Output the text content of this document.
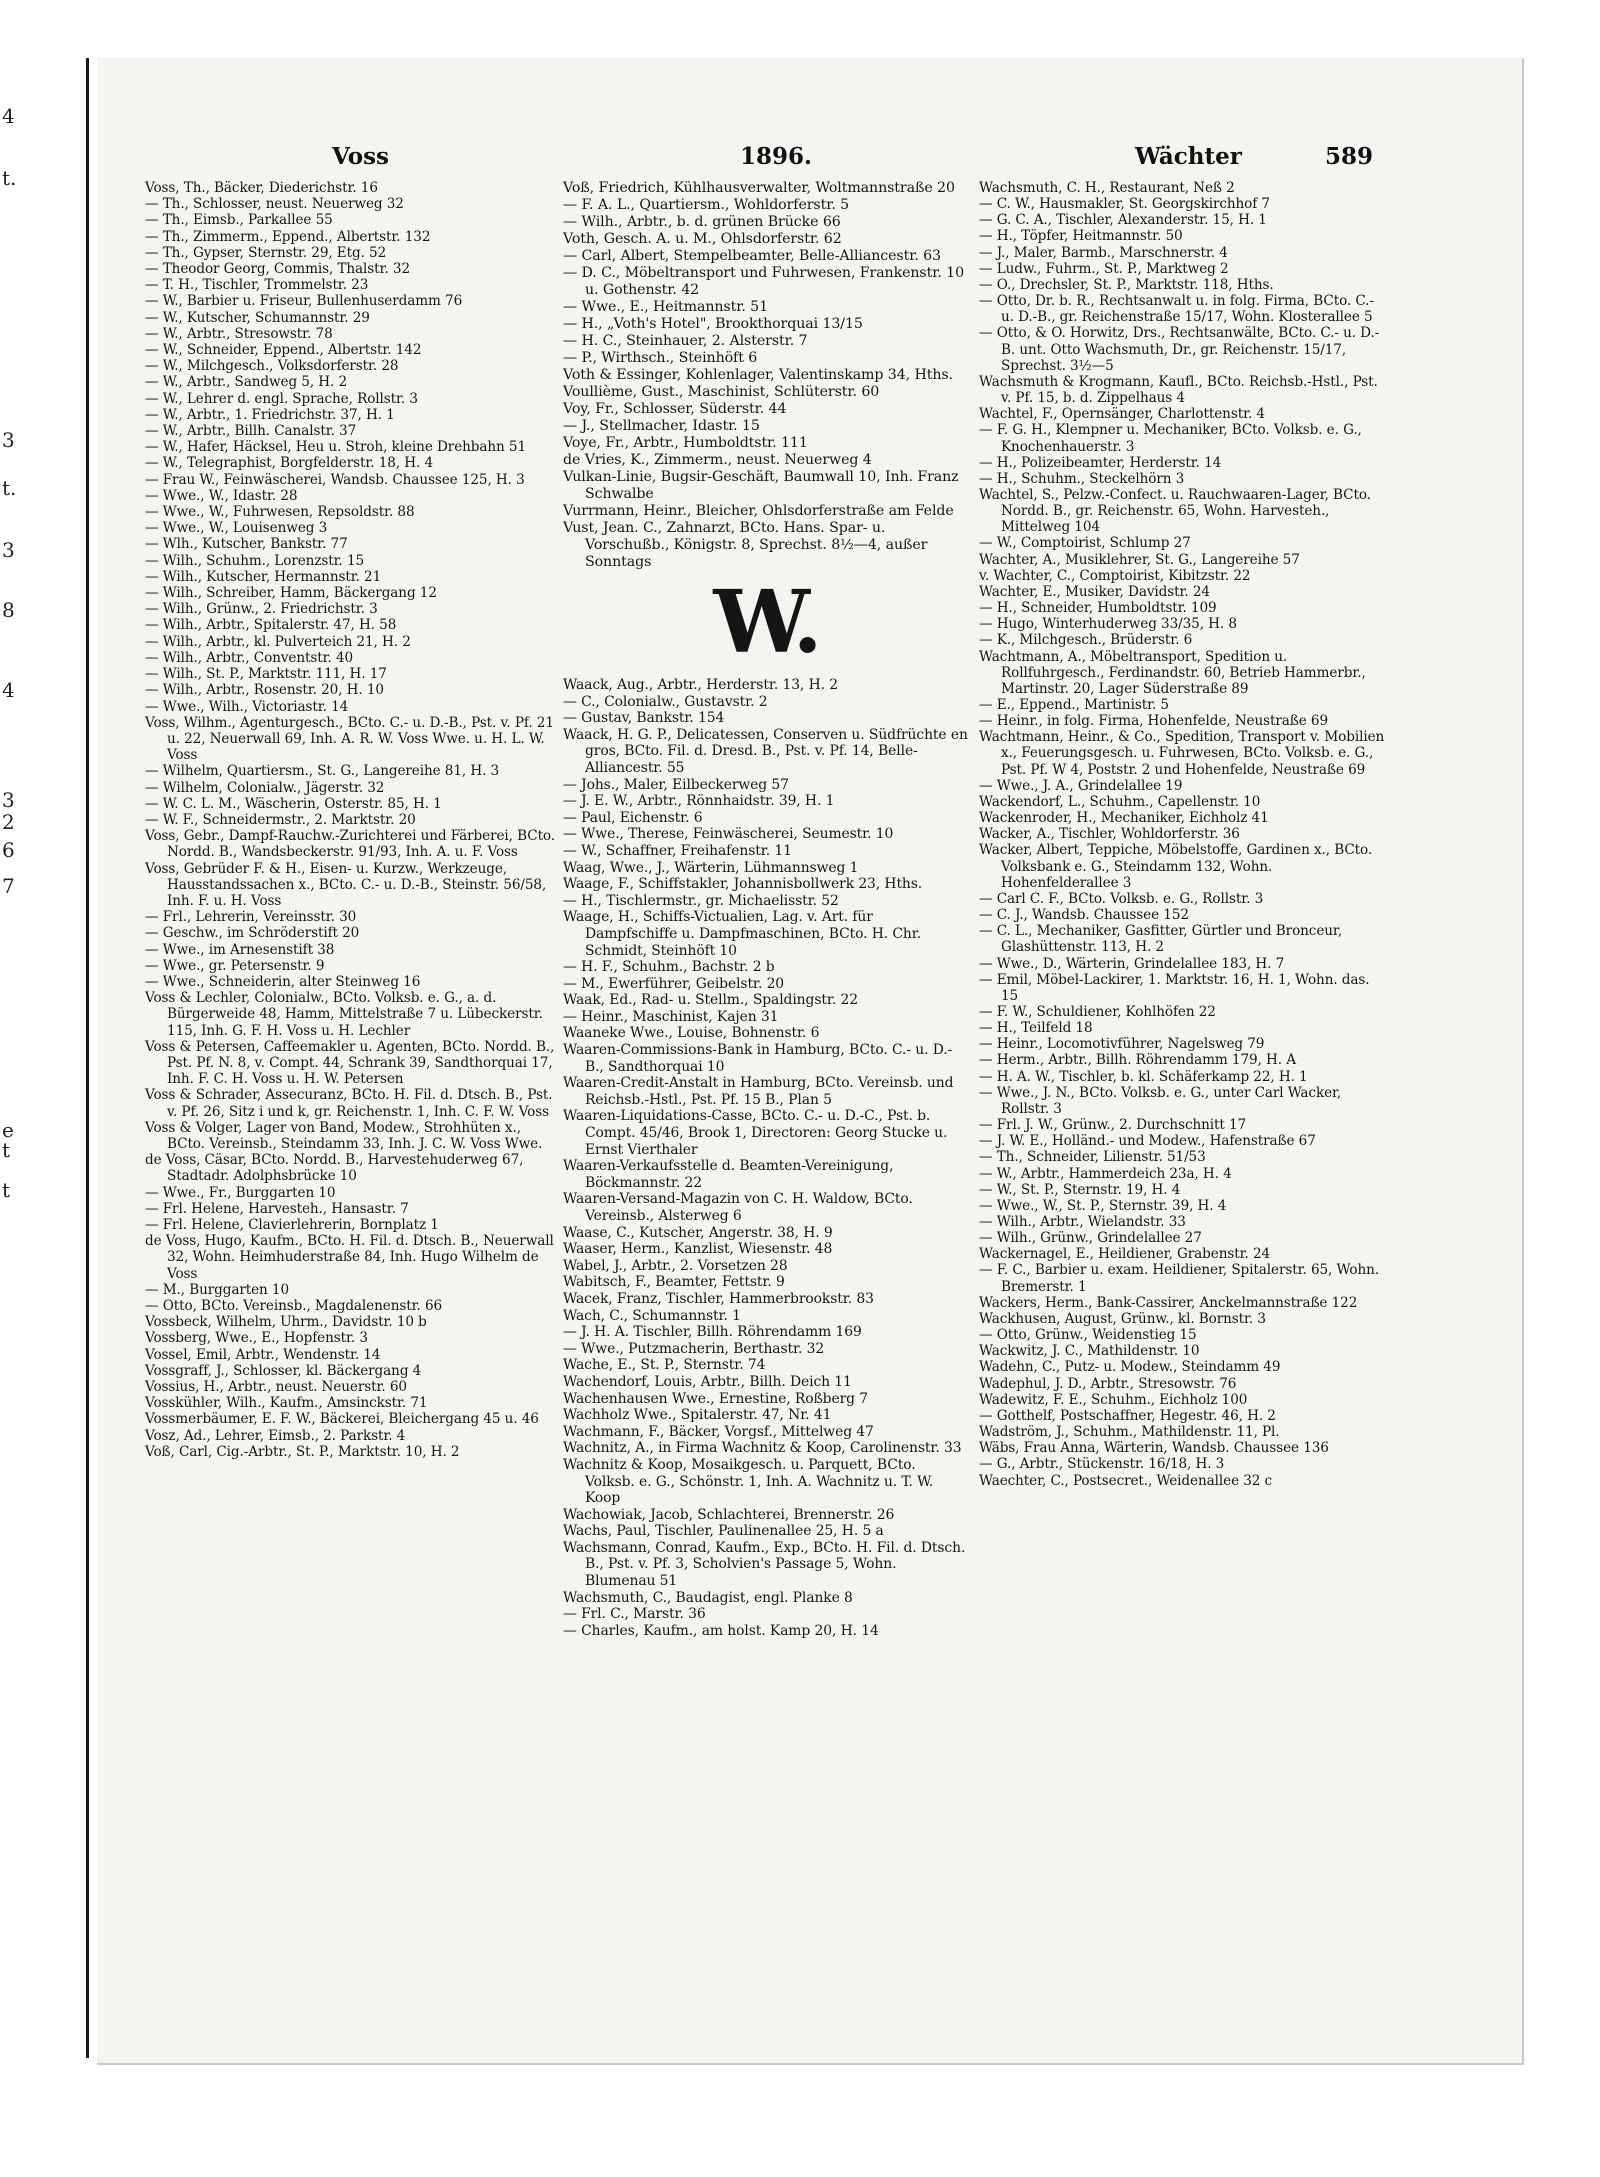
4
t.
3
t.
3
8
4
3
2
6
7
e
t
t
Voss	1896.	Wächter	589
Voss, Th., Bäcker, Diederichstr. 16
— Th., Schlosser, neust. Neuerweg 32
— Th., Eimsb., Parkallee 55
— Th., Zimmerm., Eppend., Albertstr. 132
— Th., Gypser, Sternstr. 29, Etg. 52
— Theodor Georg, Commis, Thalstr. 32
— T. H., Tischler, Trommelstr. 23
— W., Barbier u. Friseur, Bullenhuserdamm 76
— W., Kutscher, Schumannstr. 29
— W., Arbtr., Stresowstr. 78
— W., Schneider, Eppend., Albertstr. 142
— W., Milchgesch., Volksdorferstr. 28
— W., Arbtr., Sandweg 5, H. 2
— W., Lehrer d. engl. Sprache, Rollstr. 3
— W., Arbtr., 1. Friedrichstr. 37, H. 1
— W., Arbtr., Billh. Canalstr. 37
— W., Hafer, Häcksel, Heu u. Stroh, kleine Drehbahn 51
— W., Telegraphist, Borgfelderstr. 18, H. 4
— Frau W., Feinwäscherei, Wandsb. Chaussee 125, H. 3
— Wwe., W., Idastr. 28
— Wwe., W., Fuhrwesen, Repsoldstr. 88
— Wwe., W., Louisenweg 3
— Wlh., Kutscher, Bankstr. 77
— Wilh., Schuhm., Lorenzstr. 15
— Wilh., Kutscher, Hermannstr. 21
— Wilh., Schreiber, Hamm, Bäckergang 12
— Wilh., Grünw., 2. Friedrichstr. 3
— Wilh., Arbtr., Spitalerstr. 47, H. 58
— Wilh., Arbtr., kl. Pulverteich 21, H. 2
— Wilh., Arbtr., Conventstr. 40
— Wilh., St. P., Marktstr. 111, H. 17
— Wilh., Arbtr., Rosenstr. 20, H. 10
— Wwe., Wilh., Victoriastr. 14
Voss, Wilhm., Agenturgesch., BCto. C.- u. D.-B., Pst. v. Pf. 21 u. 22, Neuerwall 69, Inh. A. R. W. Voss Wwe. u. H. L. W. Voss
— Wilhelm, Quartiersm., St. G., Langereihe 81, H. 3
— Wilhelm, Colonialw., Jägerstr. 32
— W. C. L. M., Wäscherin, Osterstr. 85, H. 1
— W. F., Schneidermstr., 2. Marktstr. 20
Voss, Gebr., Dampf-Rauchw.-Zurichterei und Färberei, BCto. Nordd. B., Wandsbeckerstr. 91/93, Inh. A. u. F. Voss
Voss, Gebrüder F. & H., Eisen- u. Kurzw., Werkzeuge, Hausstandssachen x., BCto. C.- u. D.-B., Steinstr. 56/58, Inh. F. u. H. Voss
— Frl., Lehrerin, Vereinsstr. 30
— Geschw., im Schröderstift 20
— Wwe., im Arnesenstift 38
— Wwe., gr. Petersenstr. 9
— Wwe., Schneiderin, alter Steinweg 16
Voss & Lechler, Colonialw., BCto. Volksb. e. G., a. d. Bürgerweide 48, Hamm, Mittelstraße 7 u. Lübeckerstr. 115, Inh. G. F. H. Voss u. H. Lechler
Voss & Petersen, Caffeemakler u. Agenten, BCto. Nordd. B., Pst. Pf. N. 8, v. Compt. 44, Schrank 39, Sandthorquai 17, Inh. F. C. H. Voss u. H. W. Petersen
Voss & Schrader, Assecuranz, BCto. H. Fil. d. Dtsch. B., Pst. v. Pf. 26, Sitz i und k, gr. Reichenstr. 1, Inh. C. F. W. Voss
Voss & Volger, Lager von Band, Modew., Strohhüten x., BCto. Vereinsb., Steindamm 33, Inh. J. C. W. Voss Wwe.
de Voss, Cäsar, BCto. Nordd. B., Harvestehuderweg 67, Stadtadr. Adolphsbrücke 10
— Wwe., Fr., Burggarten 10
— Frl. Helene, Harvesteh., Hansastr. 7
— Frl. Helene, Clavierlehrerin, Bornplatz 1
de Voss, Hugo, Kaufm., BCto. H. Fil. d. Dtsch. B., Neuerwall 32, Wohn. Heimhuderstraße 84, Inh. Hugo Wilhelm de Voss
— M., Burggarten 10
— Otto, BCto. Vereinsb., Magdalenenstr. 66
Vossbeck, Wilhelm, Uhrm., Davidstr. 10 b
Vossberg, Wwe., E., Hopfenstr. 3
Vossel, Emil, Arbtr., Wendenstr. 14
Vossgraff, J., Schlosser, kl. Bäckergang 4
Vossius, H., Arbtr., neust. Neuerstr. 60
Vosskühler, Wilh., Kaufm., Amsinckstr. 71
Vossmerbäumer, E. F. W., Bäckerei, Bleichergang 45 u. 46
Vosz, Ad., Lehrer, Eimsb., 2. Parkstr. 4
Voß, Carl, Cig.-Arbtr., St. P., Marktstr. 10, H. 2
Voß, Friedrich, Kühlhausverwalter, Woltmannstraße 20
— F. A. L., Quartiersm., Wohldorferstr. 5
— Wilh., Arbtr., b. d. grünen Brücke 66
Voth, Gesch. A. u. M., Ohlsdorferstr. 62
— Carl, Albert, Stempelbeamter, Belle-Alliancestr. 63
— D. C., Möbeltransport und Fuhrwesen, Frankenstr. 10 u. Gothenstr. 42
— Wwe., E., Heitmannstr. 51
— H., „Voth's Hotel", Brookthorquai 13/15
— H. C., Steinhauer, 2. Alsterstr. 7
— P., Wirthsch., Steinhöft 6
Voth & Essinger, Kohlenlager, Valentinskamp 34, Hths.
Voullième, Gust., Maschinist, Schlüterstr. 60
Voy, Fr., Schlosser, Süderstr. 44
— J., Stellmacher, Idastr. 15
Voye, Fr., Arbtr., Humboldtstr. 111
de Vries, K., Zimmerm., neust. Neuerweg 4
Vulkan-Linie, Bugsir-Geschäft, Baumwall 10, Inh. Franz Schwalbe
Vurrmann, Heinr., Bleicher, Ohlsdorferstraße am Felde
Vust, Jean. C., Zahnarzt, BCto. Hans. Spar- u. Vorschußb., Königstr. 8, Sprechst. 8½—4, außer Sonntags
W.
Waack, Aug., Arbtr., Herderstr. 13, H. 2
— C., Colonialw., Gustavstr. 2
— Gustav, Bankstr. 154
Waack, H. G. P., Delicatessen, Conserven u. Südfrüchte en gros, BCto. Fil. d. Dresd. B., Pst. v. Pf. 14, Belle-Alliancestr. 55
— Johs., Maler, Eilbeckerweg 57
— J. E. W., Arbtr., Rönnhaidstr. 39, H. 1
— Paul, Eichenstr. 6
— Wwe., Therese, Feinwäscherei, Seumestr. 10
— W., Schaffner, Freihafenstr. 11
Waag, Wwe., J., Wärterin, Lühmannsweg 1
Waage, F., Schiffstakler, Johannisbollwerk 23, Hths.
— H., Tischlermstr., gr. Michaelisstr. 52
Waage, H., Schiffs-Victualien, Lag. v. Art. für Dampfschiffe u. Dampfmaschinen, BCto. H. Chr. Schmidt, Steinhöft 10
— H. F., Schuhm., Bachstr. 2 b
— M., Ewerführer, Geibelstr. 20
Waak, Ed., Rad- u. Stellm., Spaldingstr. 22
— Heinr., Maschinist, Kajen 31
Waaneke Wwe., Louise, Bohnenstr. 6
Waaren-Commissions-Bank in Hamburg, BCto. C.- u. D.-B., Sandthorquai 10
Waaren-Credit-Anstalt in Hamburg, BCto. Vereinsb. und Reichsb.-Hstl., Pst. Pf. 15 B., Plan 5
Waaren-Liquidations-Casse, BCto. C.- u. D.-C., Pst. b. Compt. 45/46, Brook 1, Directoren: Georg Stucke u. Ernst Vierthaler
Waaren-Verkaufsstelle d. Beamten-Vereinigung, Böckmannstr. 22
Waaren-Versand-Magazin von C. H. Waldow, BCto. Vereinsb., Alsterweg 6
Waase, C., Kutscher, Angerstr. 38, H. 9
Waaser, Herm., Kanzlist, Wiesenstr. 48
Wabel, J., Arbtr., 2. Vorsetzen 28
Wabitsch, F., Beamter, Fettstr. 9
Wacek, Franz, Tischler, Hammerbrookstr. 83
Wach, C., Schumannstr. 1
— J. H. A. Tischler, Billh. Röhrendamm 169
— Wwe., Putzmacherin, Berthastr. 32
Wache, E., St. P., Sternstr. 74
Wachendorf, Louis, Arbtr., Billh. Deich 11
Wachenhausen Wwe., Ernestine, Roßberg 7
Wachholz Wwe., Spitalerstr. 47, Nr. 41
Wachmann, F., Bäcker, Vorgsf., Mittelweg 47
Wachnitz, A., in Firma Wachnitz & Koop, Carolinenstr. 33
Wachnitz & Koop, Mosaikgesch. u. Parquett, BCto. Volksb. e. G., Schönstr. 1, Inh. A. Wachnitz u. T. W. Koop
Wachowiak, Jacob, Schlachterei, Brennerstr. 26
Wachs, Paul, Tischler, Paulinenallee 25, H. 5 a
Wachsmann, Conrad, Kaufm., Exp., BCto. H. Fil. d. Dtsch. B., Pst. v. Pf. 3, Scholvien's Passage 5, Wohn. Blumenau 51
Wachsmuth, C., Baudagist, engl. Planke 8
— Frl. C., Marstr. 36
— Charles, Kaufm., am holst. Kamp 20, H. 14
Wachsmuth, C. H., Restaurant, Neß 2
— C. W., Hausmakler, St. Georgskirchhof 7
— G. C. A., Tischler, Alexanderstr. 15, H. 1
— H., Töpfer, Heitmannstr. 50
— J., Maler, Barmb., Marschnerstr. 4
— Ludw., Fuhrm., St. P., Marktweg 2
— O., Drechsler, St. P., Marktstr. 118, Hths.
— Otto, Dr. b. R., Rechtsanwalt u. in folg. Firma, BCto. C.- u. D.-B., gr. Reichenstraße 15/17, Wohn. Klosterallee 5
— Otto, & O. Horwitz, Drs., Rechtsanwälte, BCto. C.- u. D.-B. unt. Otto Wachsmuth, Dr., gr. Reichenstr. 15/17, Sprechst. 3½—5
Wachsmuth & Krogmann, Kaufl., BCto. Reichsb.-Hstl., Pst. v. Pf. 15, b. d. Zippelhaus 4
Wachtel, F., Opernsänger, Charlottenstr. 4
— F. G. H., Klempner u. Mechaniker, BCto. Volksb. e. G., Knochenhauerstr. 3
— H., Polizeibeamter, Herderstr. 14
— H., Schuhm., Steckelhörn 3
Wachtel, S., Pelzw.-Confect. u. Rauchwaaren-Lager, BCto. Nordd. B., gr. Reichenstr. 65, Wohn. Harvesteh., Mittelweg 104
— W., Comptoirist, Schlump 27
Wachter, A., Musiklehrer, St. G., Langereihe 57
v. Wachter, C., Comptoirist, Kibitzstr. 22
Wachter, E., Musiker, Davidstr. 24
— H., Schneider, Humboldtstr. 109
— Hugo, Winterhuderweg 33/35, H. 8
— K., Milchgesch., Brüderstr. 6
Wachtmann, A., Möbeltransport, Spedition u. Rollfuhrgesch., Ferdinandstr. 60, Betrieb Hammerbr., Martinstr. 20, Lager Süderstraße 89
— E., Eppend., Martinistr. 5
— Heinr., in folg. Firma, Hohenfelde, Neustraße 69
Wachtmann, Heinr., & Co., Spedition, Transport v. Mobilien x., Feuerungsgesch. u. Fuhrwesen, BCto. Volksb. e. G., Pst. Pf. W 4, Poststr. 2 und Hohenfelde, Neustraße 69
— Wwe., J. A., Grindelallee 19
Wackendorf, L., Schuhm., Capellenstr. 10
Wackenroder, H., Mechaniker, Eichholz 41
Wacker, A., Tischler, Wohldorferstr. 36
Wacker, Albert, Teppiche, Möbelstoffe, Gardinen x., BCto. Volksbank e. G., Steindamm 132, Wohn. Hohenfelderallee 3
— Carl C. F., BCto. Volksb. e. G., Rollstr. 3
— C. J., Wandsb. Chaussee 152
— C. L., Mechaniker, Gasfitter, Gürtler und Bronceur, Glashüttenstr. 113, H. 2
— Wwe., D., Wärterin, Grindelallee 183, H. 7
— Emil, Möbel-Lackirer, 1. Marktstr. 16, H. 1, Wohn. das. 15
— F. W., Schuldiener, Kohlhöfen 22
— H., Teilfeld 18
— Heinr., Locomotivführer, Nagelsweg 79
— Herm., Arbtr., Billh. Röhrendamm 179, H. A
— H. A. W., Tischler, b. kl. Schäferkamp 22, H. 1
— Wwe., J. N., BCto. Volksb. e. G., unter Carl Wacker, Rollstr. 3
— Frl. J. W., Grünw., 2. Durchschnitt 17
— J. W. E., Holländ.- und Modew., Hafenstraße 67
— Th., Schneider, Lilienstr. 51/53
— W., Arbtr., Hammerdeich 23a, H. 4
— W., St. P., Sternstr. 19, H. 4
— Wwe., W., St. P., Sternstr. 39, H. 4
— Wilh., Arbtr., Wielandstr. 33
— Wilh., Grünw., Grindelallee 27
Wackernagel, E., Heildiener, Grabenstr. 24
— F. C., Barbier u. exam. Heildiener, Spitalerstr. 65, Wohn. Bremerstr. 1
Wackers, Herm., Bank-Cassirer, Anckelmannstraße 122
Wackhusen, August, Grünw., kl. Bornstr. 3
— Otto, Grünw., Weidenstieg 15
Wackwitz, J. C., Mathildenstr. 10
Wadehn, C., Putz- u. Modew., Steindamm 49
Wadephul, J. D., Arbtr., Stresowstr. 76
Wadewitz, F. E., Schuhm., Eichholz 100
— Gotthelf, Postschaffner, Hegestr. 46, H. 2
Wadström, J., Schuhm., Mathildenstr. 11, Pl.
Wäbs, Frau Anna, Wärterin, Wandsb. Chaussee 136
— G., Arbtr., Stückenstr. 16/18, H. 3
Waechter, C., Postsecret., Weidenallee 32 c
